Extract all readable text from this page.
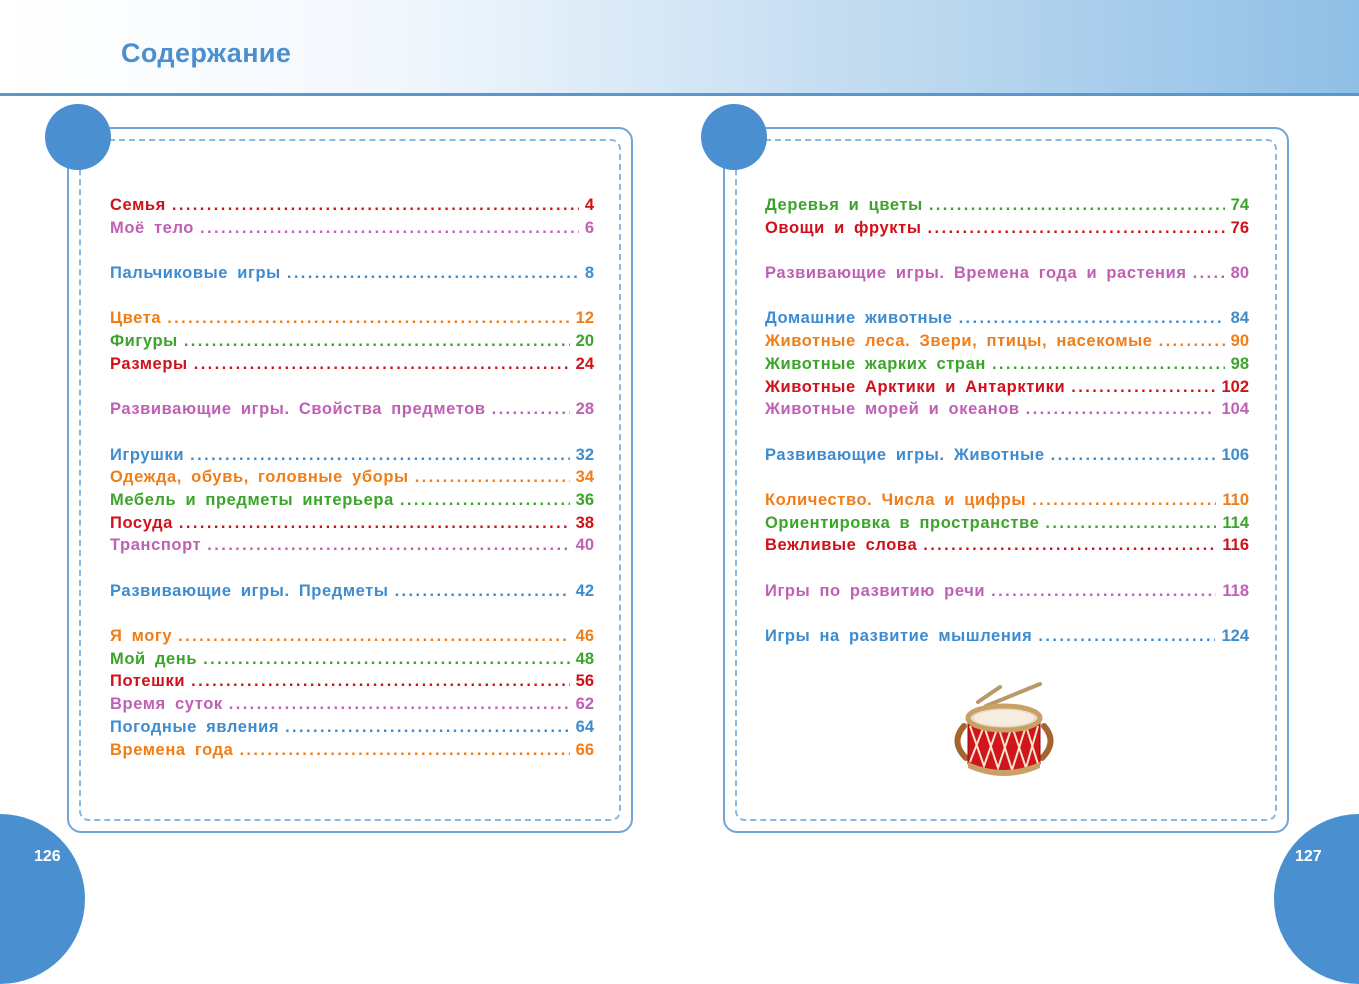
Содержание
Семья .....	4
Моё тело .....	6
Пальчиковые игры .....	8
Цвета .....	12
Фигуры .....	20
Размеры .....	24
Развивающие игры. Свойства предметов .....	28
Игрушки .....	32
Одежда, обувь, головные уборы .....	34
Мебель и предметы интерьера .....	36
Посуда .....	38
Транспорт .....	40
Развивающие игры. Предметы .....	42
Я могу .....	46
Мой день .....	48
Потешки .....	56
Время суток .....	62
Погодные явления .....	64
Времена года .....	66
Деревья и цветы .....	74
Овощи и фрукты .....	76
Развивающие игры. Времена года и растения .....	80
Домашние животные .....	84
Животные леса. Звери, птицы, насекомые .....	90
Животные жарких стран .....	98
Животные Арктики и Антарктики .....	102
Животные морей и океанов .....	104
Развивающие игры. Животные .....	106
Количество. Числа и цифры .....	110
Ориентировка в пространстве .....	114
Вежливые слова .....	116
Игры по развитию речи .....	118
Игры на развитие мышления .....	124
126	127
